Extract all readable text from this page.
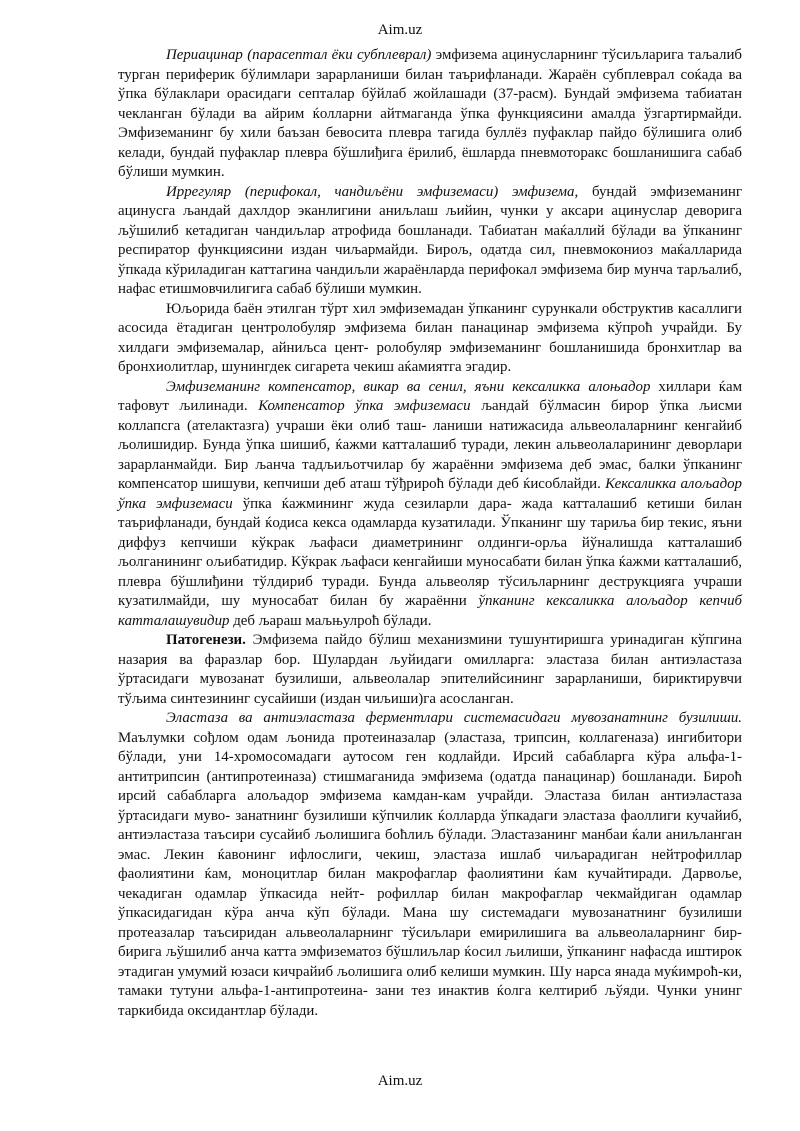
Aim.uz

Периацинар (парасептал ёки субплеврал) эмфизема ацинусларнинг тўсиљларига таљалиб турган периферик бўлимлари зарарланиши билан таърифланади. Жараён субплеврал соќада ва ўпка бўлаклари орасидаги септалар бўйлаб жойлашади (37-расм). Бундай эмфизема табиатан чекланган бўлади ва айрим ќолларни айтмаганда ўпка функциясини амалда ўзгартирмайди. Эмфиземанинг бу хили баъзан бевосита плевра тагида буллёз пуфаклар пайдо бўлишига олиб келади, бундай пуфаклар плевра бўшлиђига ёрилиб, ёшларда пневмоторакс бошланишига сабаб бўлиши мумкин.

Иррегуляр (перифокал, чандиљёни эмфиземаси) эмфизема, бундай эмфиземанинг ацинусга љандай дахлдор эканлигини аниљлаш љийин, чунки у аксари ацинуслар деворига љўшилиб кетадиган чандиљлар атрофида бошланади. Табиатан маќаллий бўлади ва ўпканинг респиратор функциясини издан чиљармайди. Бирољ, одатда сил, пневмокониоз маќалларида ўпкада кўриладиган каттагина чандиљли жараёнларда перифокал эмфизема бир мунча тарљалиб, нафас етишмовчилигига сабаб бўлиши мумкин.

Юљорида баён этилган тўрт хил эмфиземадан ўпканинг сурункали обструктив касаллиги асосида ётадиган центролобуляр эмфизема билан панацинар эмфизема кўпроћ учрайди. Бу хилдаги эмфиземалар, айниљса цент- ролобуляр эмфиземанинг бошланишида бронхитлар ва бронхиолитлар, шунингдек сигарета чекиш аќамиятга эгадир.

Эмфиземанинг компенсатор, викар ва сенил, яъни кексаликка алоњадор хиллари ќам тафовут љилинади. Компенсатор ўпка эмфиземаси љандай бўлмасин бирор ўпка љисми коллапсга (ателактазга) учраши ёки олиб таш- ланиши натижасида альвеолаларнинг кенгайиб љолишидир. Бунда ўпка шишиб, ќажми катталашиб туради, лекин альвеолаларининг деворлари зарарланмайди. Бир љанча тадљиљотчилар бу жараённи эмфизема деб эмас, балки ўпканинг компенсатор шишуви, кепчиши деб аташ тўђрироћ бўлади деб ќисоблайди. Кексаликка алољадор ўпка эмфиземаси ўпка ќажмининг жуда сезиларли дара- жада катталашиб кетиши билан таърифланади, бундай ќодиса кекса одамларда кузатилади. Ўпканинг шу тариља бир текис, яъни диффуз кепчиши кўкрак љафаси диаметрининг олдинги-орља йўналишда катталашиб љолганининг ољибатидир. Кўкрак љафаси кенгайиши муносабати билан ўпка ќажми катталашиб, плевра бўшлиђини тўлдириб туради. Бунда альвеоляр тўсиљларнинг деструкцияга учраши кузатилмайди, шу муносабат билан бу жараённи ўпканинг кексаликка алољадор кепчиб катталашувидир деб љараш маљњулроћ бўлади.

Патогенези. Эмфизема пайдо бўлиш механизмини тушунтиришга уринадиган кўпгина назария ва фаразлар бор. Шулардан љуйидаги омилларга: эластаза билан антиэластаза ўртасидаги мувозанат бузилиши, альвеолалар эпителийсининг зарарланиши, бириктирувчи тўљима синтезининг сусайиши (издан чиљиши)га асосланган.

Эластаза ва антиэластаза ферментлари системасидаги мувозанатнинг бузилиши. Маълумки сођлом одам љонида протеиназалар (эластаза, трипсин, коллагеназа) ингибитори бўлади, уни 14-хромосомадаги аутосом ген кодлайди. Ирсий сабабларга кўра альфа-1-антитрипсин (антипротеиназа) стишмаганида эмфизема (одатда панацинар) бошланади. Бироћ ирсий сабабларга алољадор эмфизема камдан-кам учрайди. Эластаза билан антиэластаза ўртасидаги муво- занатнинг бузилиши кўпчилик ќолларда ўпкадаги эластаза фаоллиги кучайиб, антиэластаза таъсири сусайиб љолишига боћлиљ бўлади. Эластазанинг манбаи ќали аниљланган эмас. Лекин ќавонинг ифлослиги, чекиш, эластаза ишлаб чиљарадиган нейтрофиллар фаолиятини ќам, моноцитлар билан макрофаглар фаолиятини ќам кучайтиради. Дарвоље, чекадиган одамлар ўпкасида нейт- рофиллар билан макрофаглар чекмайдиган одамлар ўпкасидагидан кўра анча кўп бўлади. Мана шу системадаги мувозанатнинг бузилиши протеазалар таъсиридан альвеолаларнинг тўсиљлари емирилишига ва альвеолаларнинг бир-бирига љўшилиб анча катта эмфизематоз бўшлиљлар ќосил љилиши, ўпканинг нафасда иштирок этадиган умумий юзаси кичрайиб љолишига олиб келиши мумкин. Шу нарса янада муќимроћ-ки, тамаки тутуни альфа-1-антипротеина- зани тез инактив ќолга келтириб љўяди. Чунки унинг таркибида оксидантлар бўлади.

Aim.uz
